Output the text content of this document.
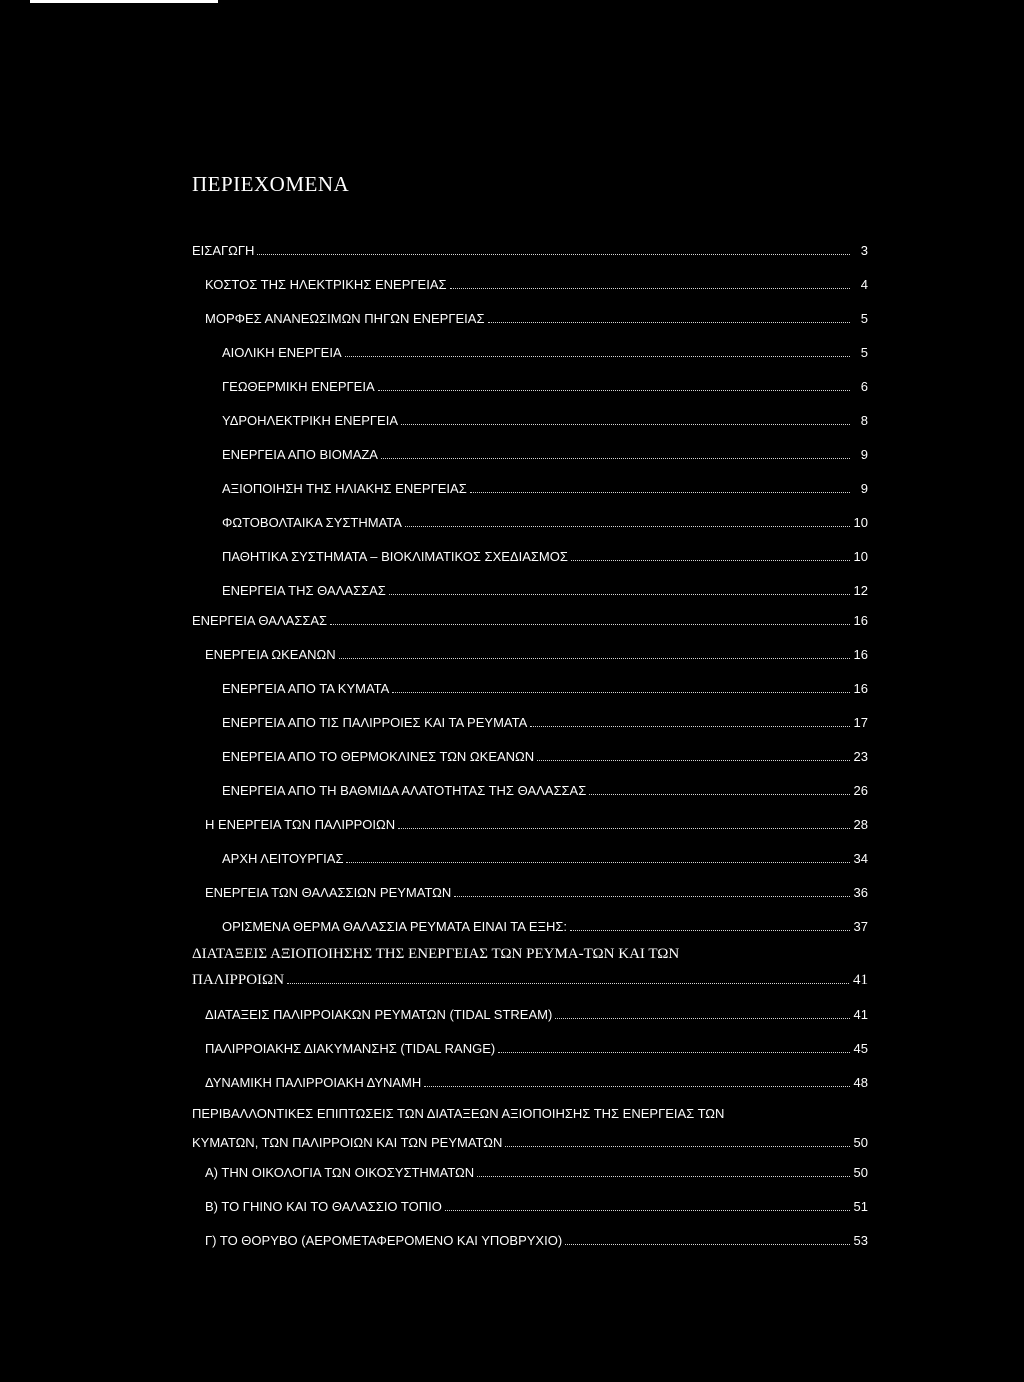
ΠΕΡΙΕΧΟΜΕΝΑ
ΕΙΣΑΓΩΓΗ	3
ΚΟΣΤΟΣ ΤΗΣ ΗΛΕΚΤΡΙΚΗΣ ΕΝΕΡΓΕΙΑΣ	4
ΜΟΡΦΕΣ ΑΝΑΝΕΩΣΙΜΩΝ ΠΗΓΩΝ ΕΝΕΡΓΕΙΑΣ	5
ΑΙΟΛΙΚΗ ΕΝΕΡΓΕΙΑ	5
ΓΕΩΘΕΡΜΙΚΗ ΕΝΕΡΓΕΙΑ	6
ΥΔΡΟΗΛΕΚΤΡΙΚΗ ΕΝΕΡΓΕΙΑ	8
ΕΝΕΡΓΕΙΑ ΑΠΟ ΒΙΟΜΑΖΑ	9
ΑΞΙΟΠΟΙΗΣΗ ΤΗΣ ΗΛΙΑΚΗΣ ΕΝΕΡΓΕΙΑΣ	9
ΦΩΤΟΒΟΛΤΑΙΚΑ ΣΥΣΤΗΜΑΤΑ	10
ΠΑΘΗΤΙΚΑ ΣΥΣΤΗΜΑΤΑ – ΒΙΟΚΛΙΜΑΤΙΚΟΣ ΣΧΕΔΙΑΣΜΟΣ	10
ΕΝΕΡΓΕΙΑ ΤΗΣ ΘΑΛΑΣΣΑΣ	12
ΕΝΕΡΓΕΙΑ ΘΑΛΑΣΣΑΣ	16
ΕΝΕΡΓΕΙΑ ΩΚΕΑΝΩΝ	16
ΕΝΕΡΓΕΙΑ ΑΠΟ ΤΑ ΚΥΜΑΤΑ	16
ΕΝΕΡΓΕΙΑ ΑΠΟ ΤΙΣ ΠΑΛΙΡΡΟΙΕΣ ΚΑΙ ΤΑ ΡΕΥΜΑΤΑ	17
ΕΝΕΡΓΕΙΑ ΑΠΟ ΤΟ ΘΕΡΜΟΚΛΙΝΕΣ ΤΩΝ ΩΚΕΑΝΩΝ	23
ΕΝΕΡΓΕΙΑ ΑΠΟ ΤΗ ΒΑΘΜΙΔΑ ΑΛΑΤΟΤΗΤΑΣ ΤΗΣ ΘΑΛΑΣΣΑΣ	26
Η ΕΝΕΡΓΕΙΑ ΤΩΝ ΠΑΛΙΡΡΟΙΩΝ	28
ΑΡΧΗ ΛΕΙΤΟΥΡΓΙΑΣ	34
ΕΝΕΡΓΕΙΑ ΤΩΝ ΘΑΛΑΣΣΙΩΝ ΡΕΥΜΑΤΩΝ	36
ΟΡΙΣΜΕΝΑ ΘΕΡΜΑ ΘΑΛΑΣΣΙΑ ΡΕΥΜΑΤΑ ΕΙΝΑΙ ΤΑ ΕΞΗΣ:	37
ΔΙΑΤΑΞΕΙΣ ΑΞΙΟΠΟΙΗΣΗΣ ΤΗΣ ΕΝΕΡΓΕΙΑΣ ΤΩΝ ΡΕΥΜΑ-ΤΩΝ ΚΑΙ ΤΩΝ
ΠΑΛΙΡΡΟΙΩΝ	41
ΔΙΑΤΑΞΕΙΣ ΠΑΛΙΡΡΟΙΑΚΩΝ ΡΕΥΜΑΤΩΝ (TIDAL STREAM)	41
ΠΑΛΙΡΡΟΙΑΚΗΣ ΔΙΑΚΥΜΑΝΣΗΣ (TIDAL RANGE)	45
ΔΥΝΑΜΙΚΗ ΠΑΛΙΡΡΟΙΑΚΗ ΔΥΝΑΜΗ	48
ΠΕΡΙΒΑΛΛΟΝΤΙΚΕΣ ΕΠΙΠΤΩΣΕΙΣ ΤΩΝ ΔΙΑΤΑΞΕΩΝ ΑΞΙΟΠΟΙΗΣΗΣ ΤΗΣ ΕΝΕΡΓΕΙΑΣ ΤΩΝ
ΚΥΜΑΤΩΝ, ΤΩΝ ΠΑΛΙΡΡΟΙΩΝ ΚΑΙ ΤΩΝ ΡΕΥΜΑΤΩΝ	50
Α) ΤΗΝ ΟΙΚΟΛΟΓΙΑ ΤΩΝ ΟΙΚΟΣΥΣΤΗΜΑΤΩΝ	50
Β) ΤΟ ΓΗΙΝΟ ΚΑΙ ΤΟ ΘΑΛΑΣΣΙΟ ΤΟΠΙΟ	51
Γ) ΤΟ ΘΟΡΥΒΟ (ΑΕΡΟΜΕΤΑΦΕΡΟΜΕΝΟ ΚΑΙ ΥΠΟΒΡΥΧΙΟ)	53
